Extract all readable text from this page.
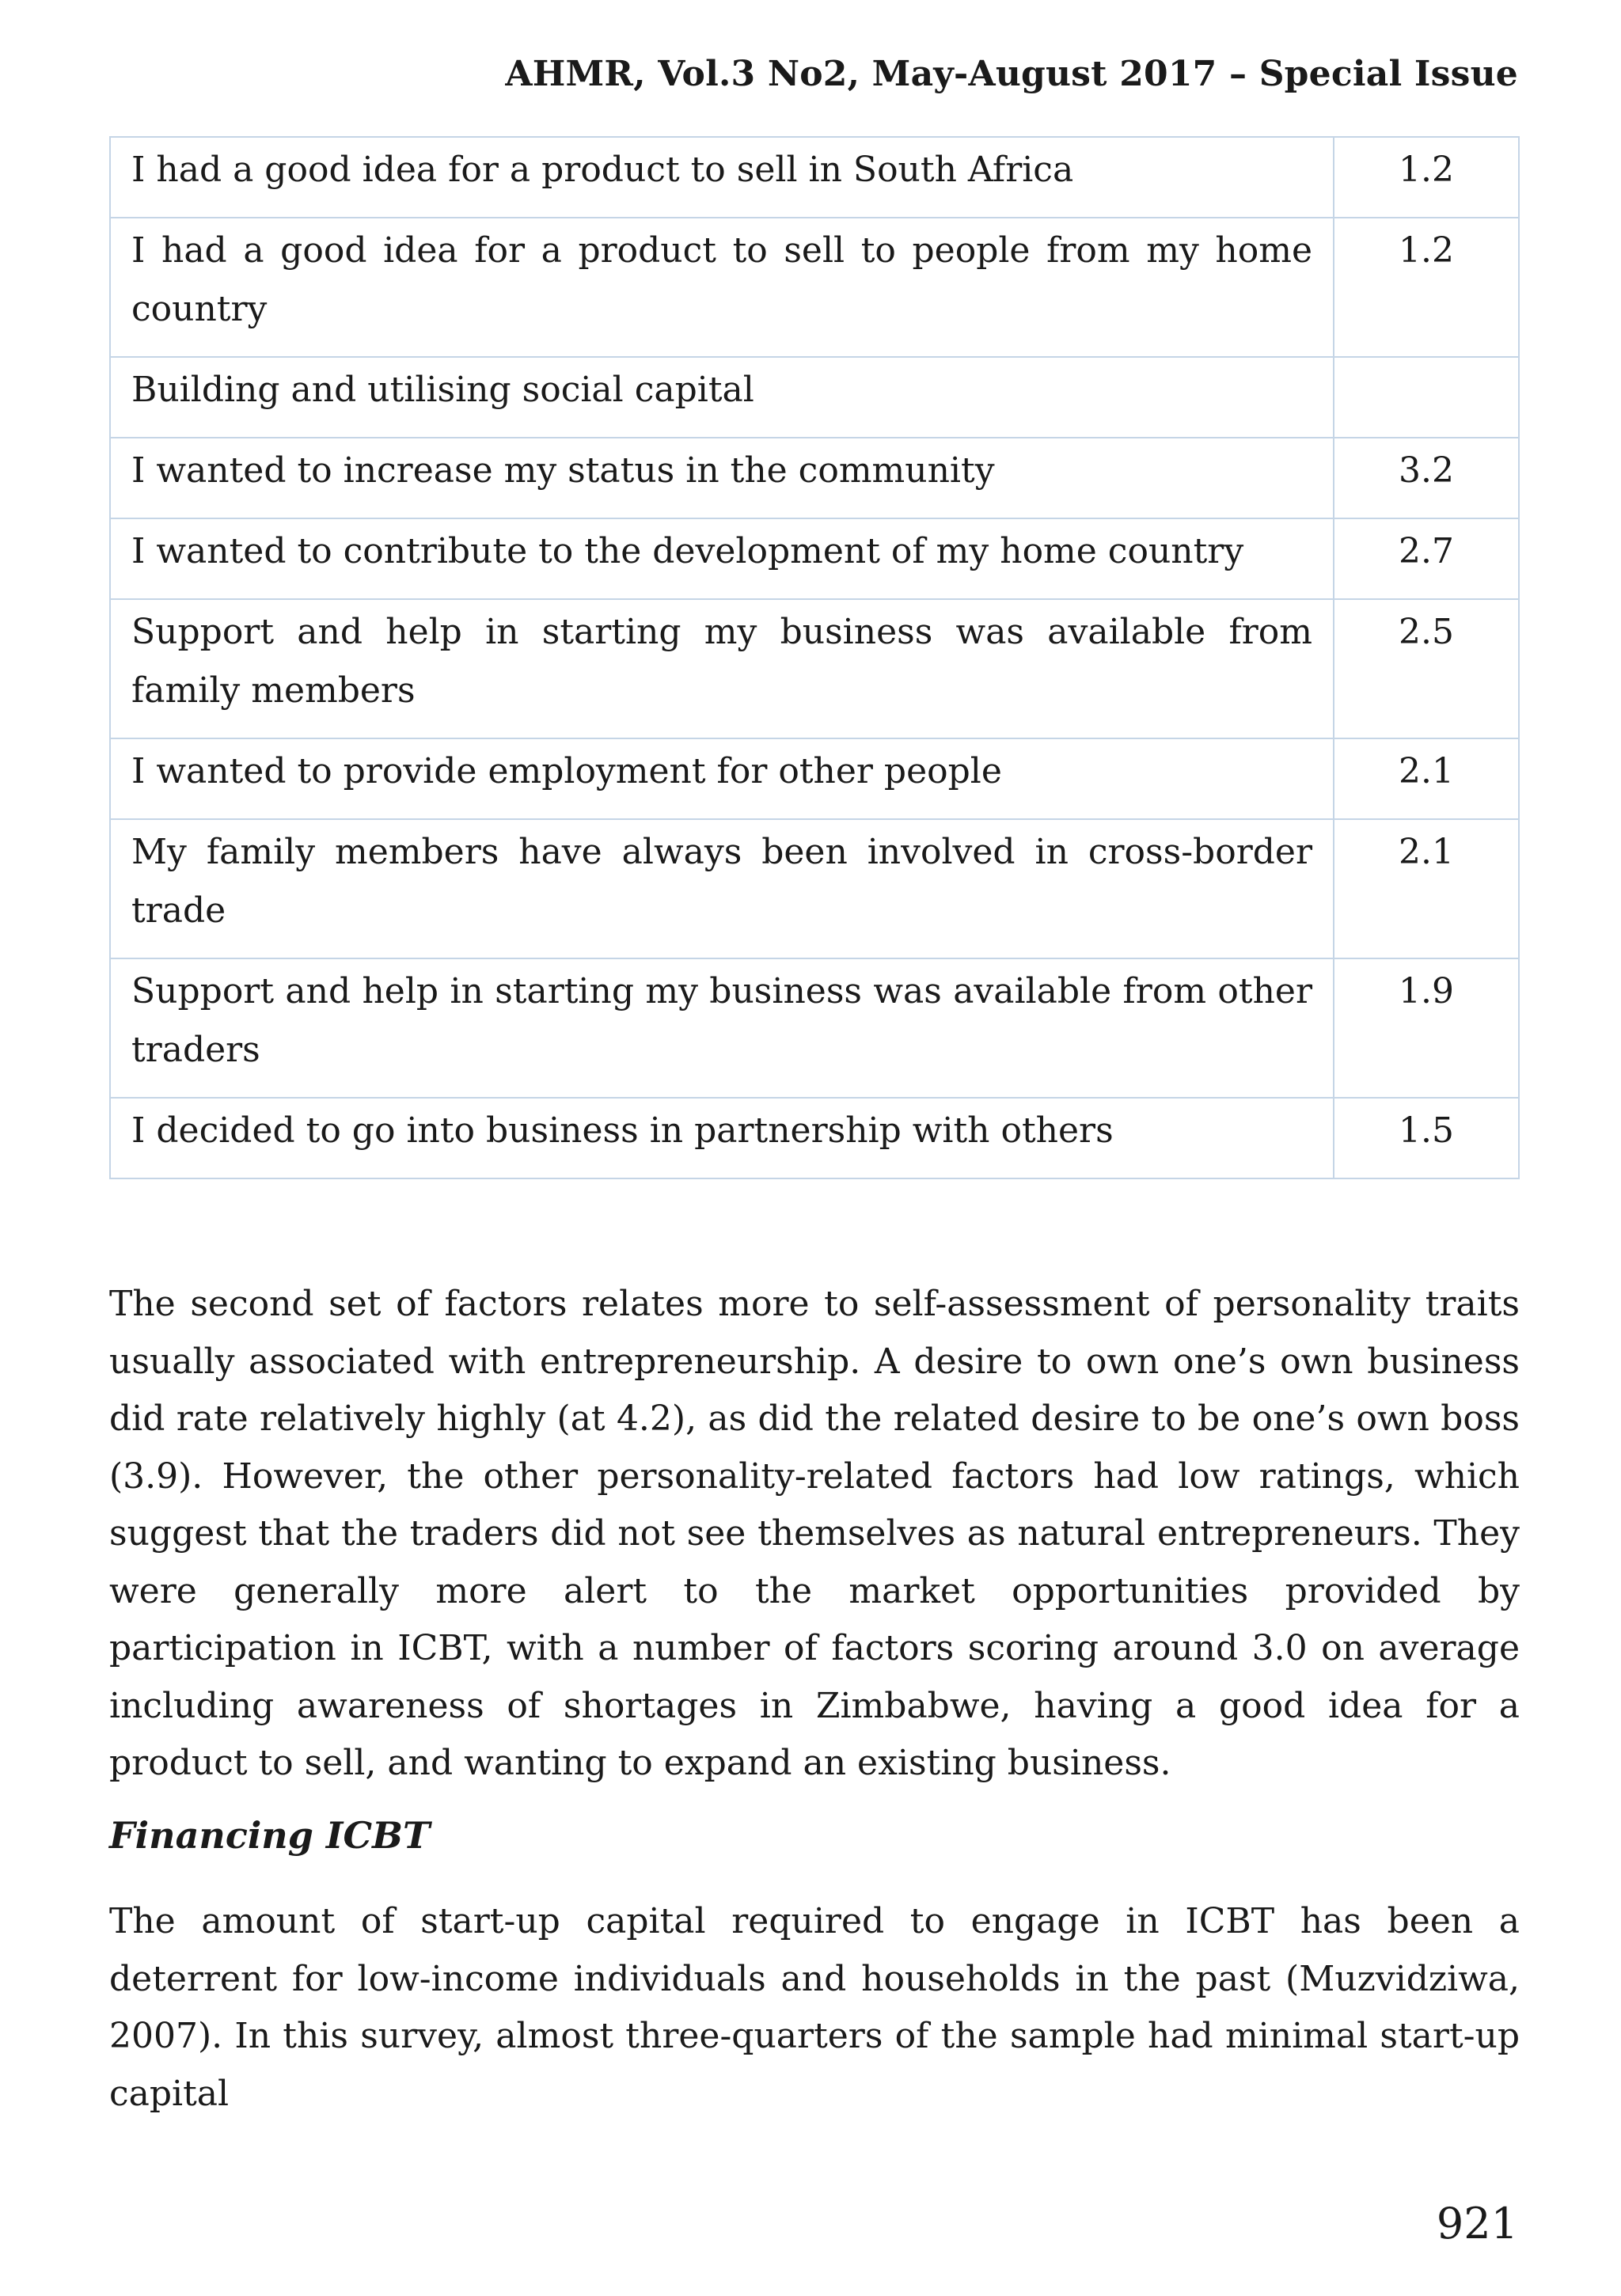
AHMR, Vol.3 No2, May-August 2017 – Special Issue
I had a good idea for a product to sell in South Africa	1.2
I had a good idea for a product to sell to people from my home country	1.2
Building and utilising social capital	
I wanted to increase my status in the community	3.2
I wanted to contribute to the development of my home country	2.7
Support and help in starting my business was available from family members	2.5
I wanted to provide employment for other people	2.1
My family members have always been involved in cross-border trade	2.1
Support and help in starting my business was available from other traders	1.9
I decided to go into business in partnership with others	1.5

The second set of factors relates more to self-assessment of personality traits usually associated with entrepreneurship. A desire to own one’s own business did rate relatively highly (at 4.2), as did the related desire to be one’s own boss (3.9). However, the other personality-related factors had low ratings, which suggest that the traders did not see themselves as natural entrepreneurs. They were generally more alert to the market opportunities provided by participation in ICBT, with a number of factors scoring around 3.0 on average including awareness of shortages in Zimbabwe, having a good idea for a product to sell, and wanting to expand an existing business.

Financing ICBT

The amount of start-up capital required to engage in ICBT has been a deterrent for low-income individuals and households in the past (Muzvidziwa, 2007). In this survey, almost three-quarters of the sample had minimal start-up capital

921
